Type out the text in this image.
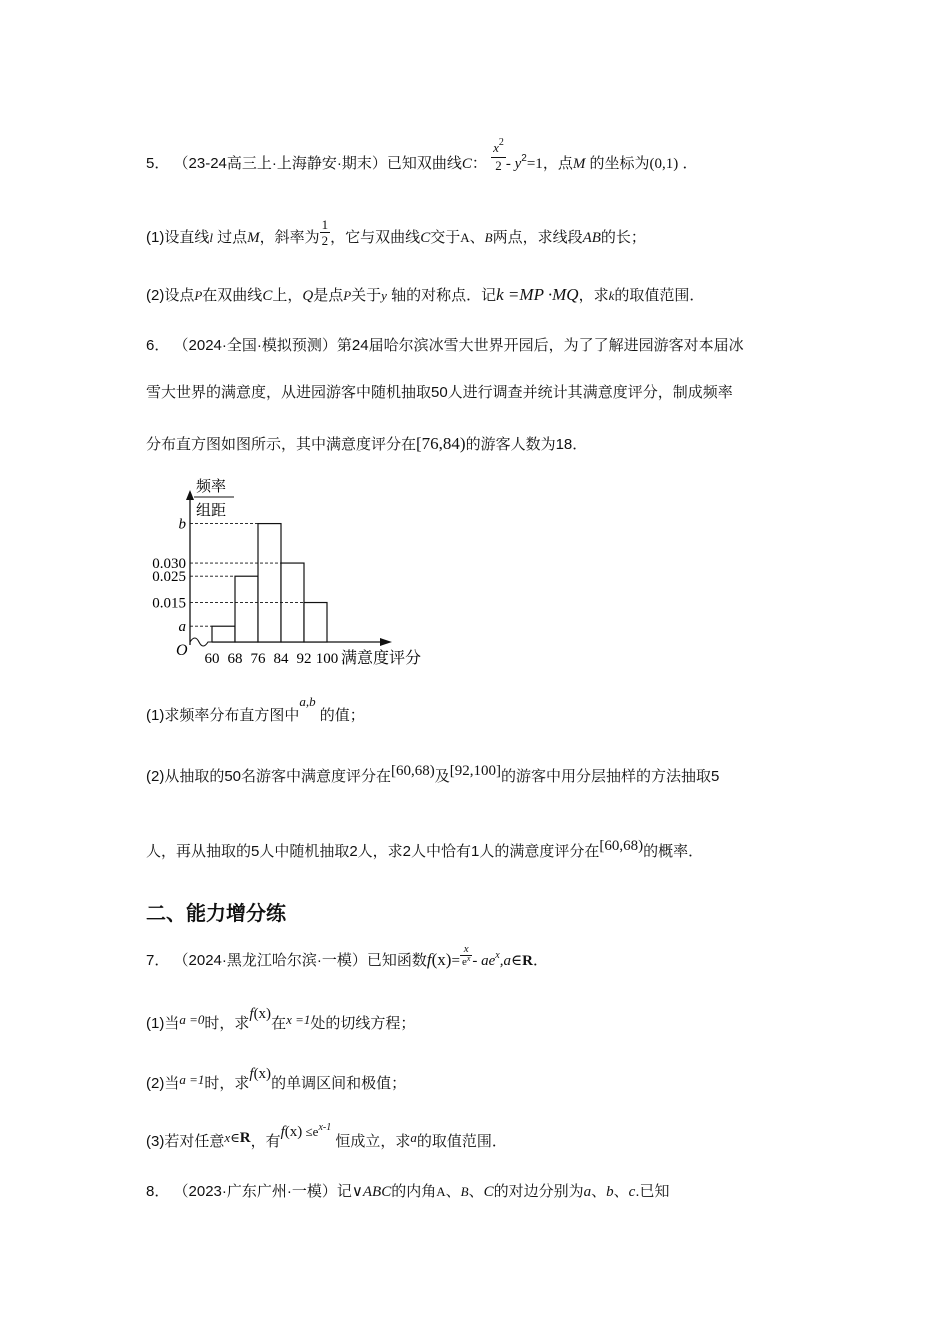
5． （23-24高三上·上海静安·期末）已知双曲线C： $\frac{x^2}{2} - y^2=1$，点M 的坐标为(0,1) ．
(1)设直线l 过点M，斜率为 $\frac{1}{2}$ ，它与双曲线C交于A、B两点，求线段AB的长；
(2)设点P在双曲线C上，Q是点P关于y 轴的对称点．记k =MP ·MQ，求k的取值范围．
6． （2024·全国·模拟预测）第24届哈尔滨冰雪大世界开园后，为了了解进园游客对本届冰
雪大世界的满意度，从进园游客中随机抽取50人进行调查并统计其满意度评分，制成频率
分布直方图如图所示，其中满意度评分在[76,84)的游客人数为18．
频率
组距
b
0.030
0.025
0.015
a
60 68 76 84 92 100
O	满意度评分
(1)求频率分布直方图中a,b 的值；
(2)从抽取的50名游客中满意度评分在[60,68)及[92,100]的游客中用分层抽样的方法抽取5
人，再从抽取的5人中随机抽取2人，求2人中恰有1人的满意度评分在[60,68)的概率．
二、能力增分练
7． （2024·黑龙江哈尔滨·一模）已知函数$f(x)= \frac{x}{e^x}$ - $ae^x,a\in R$．
(1)当a =0时，求f(x)在x =1处的切线方程；
(2)当a =1时，求f(x)的单调区间和极值；
(3)若对任意x∈R，有$f(x) \le e^{x-1}$ 恒成立，求a的取值范围．
8． （2023·广东广州·一模）记∨ABC的内角A、B、C的对边分别为a、b、c.已知
